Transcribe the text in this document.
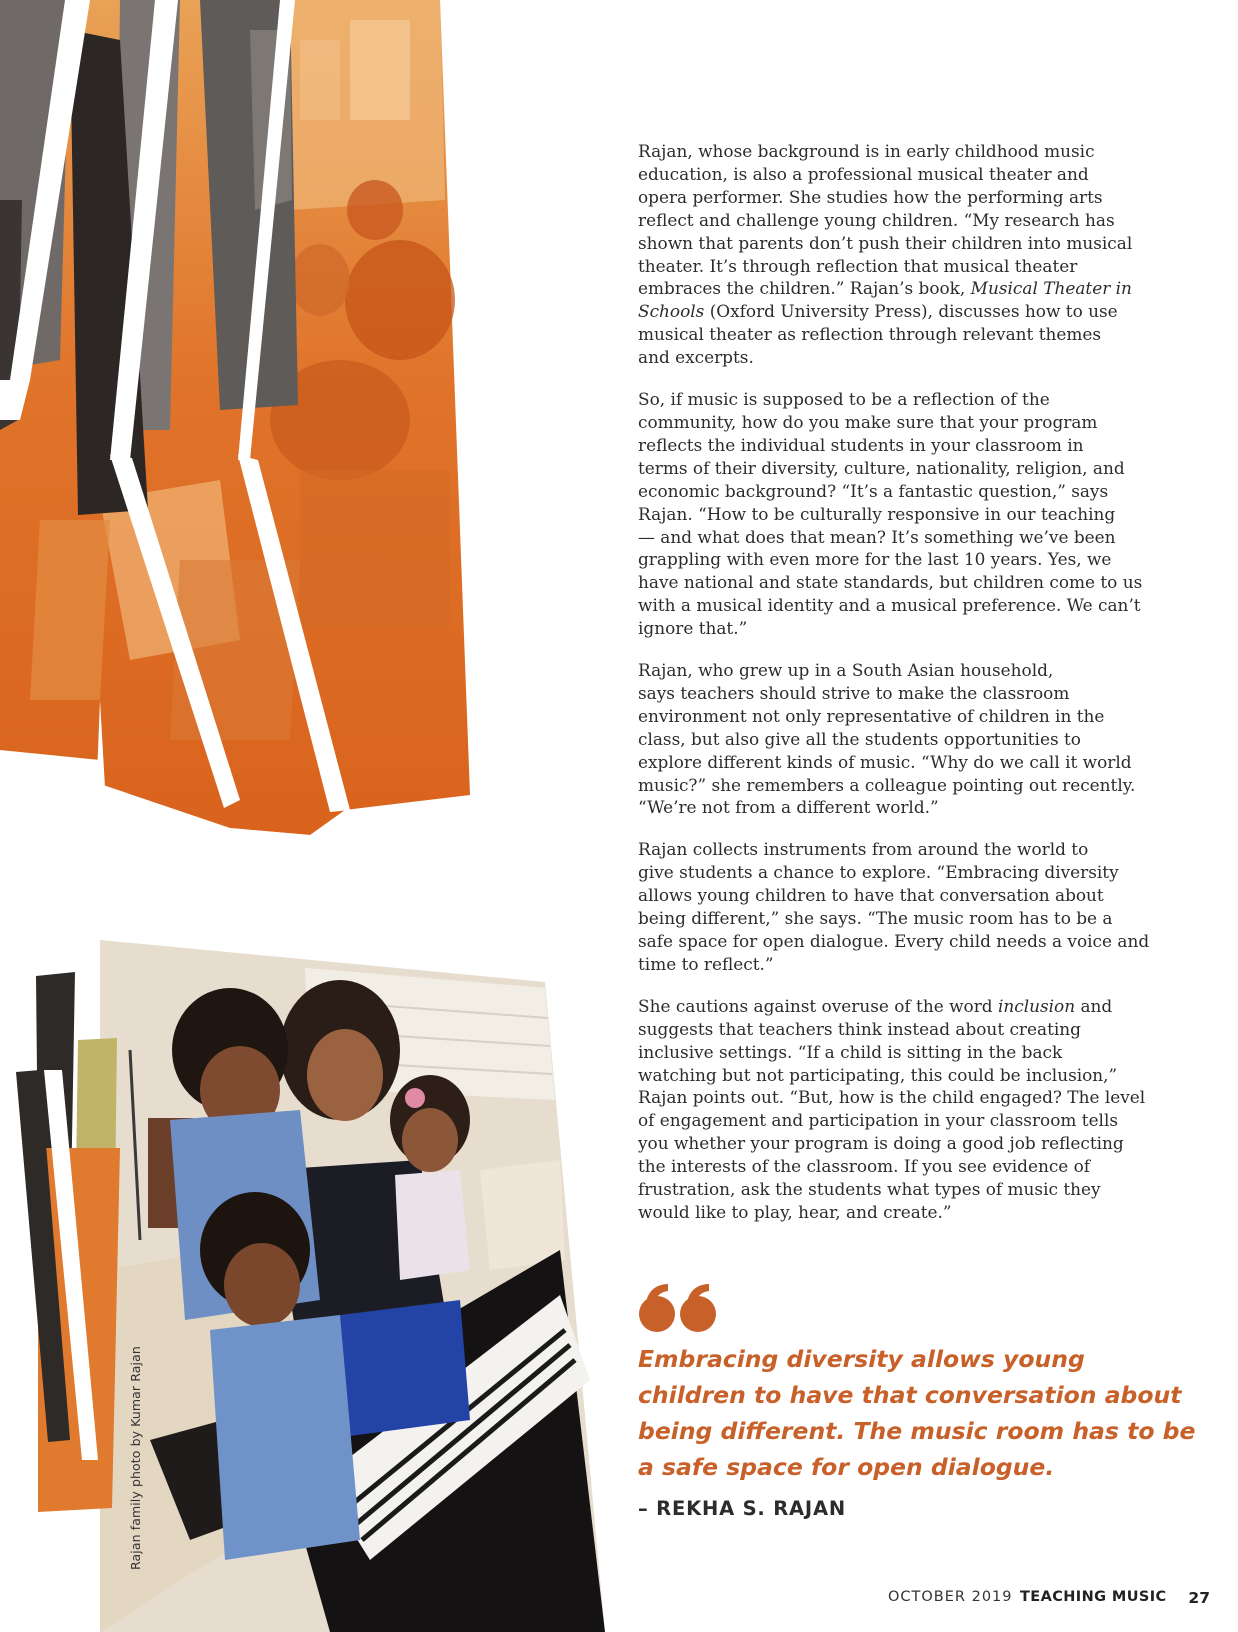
Rajan family photo by Kumar Rajan

Rajan, whose background is in early childhood music
education, is also a professional musical theater and
opera performer. She studies how the performing arts
reflect and challenge young children. “My research has
shown that parents don’t push their children into musical
theater. It’s through reflection that musical theater
embraces the children.” Rajan’s book, Musical Theater in
Schools (Oxford University Press), discusses how to use
musical theater as reflection through relevant themes
and excerpts.

So, if music is supposed to be a reflection of the
community, how do you make sure that your program
reflects the individual students in your classroom in
terms of their diversity, culture, nationality, religion, and
economic background? “It’s a fantastic question,” says
Rajan. “How to be culturally responsive in our teaching
— and what does that mean? It’s something we’ve been
grappling with even more for the last 10 years. Yes, we
have national and state standards, but children come to us
with a musical identity and a musical preference. We can’t
ignore that.”

Rajan, who grew up in a South Asian household,
says teachers should strive to make the classroom
environment not only representative of children in the
class, but also give all the students opportunities to
explore different kinds of music. “Why do we call it world
music?” she remembers a colleague pointing out recently.
“We’re not from a different world.”

Rajan collects instruments from around the world to
give students a chance to explore. “Embracing diversity
allows young children to have that conversation about
being different,” she says. “The music room has to be a
safe space for open dialogue. Every child needs a voice and
time to reflect.”

She cautions against overuse of the word inclusion and
suggests that teachers think instead about creating
inclusive settings. “If a child is sitting in the back
watching but not participating, this could be inclusion,”
Rajan points out. “But, how is the child engaged? The level
of engagement and participation in your classroom tells
you whether your program is doing a good job reflecting
the interests of the classroom. If you see evidence of
frustration, ask the students what types of music they
would like to play, hear, and create.”

Embracing diversity allows young
children to have that conversation about
being different. The music room has to be
a safe space for open dialogue.
– REKHA S. RAJAN
OCTOBER 2019 TEACHING MUSIC 27
